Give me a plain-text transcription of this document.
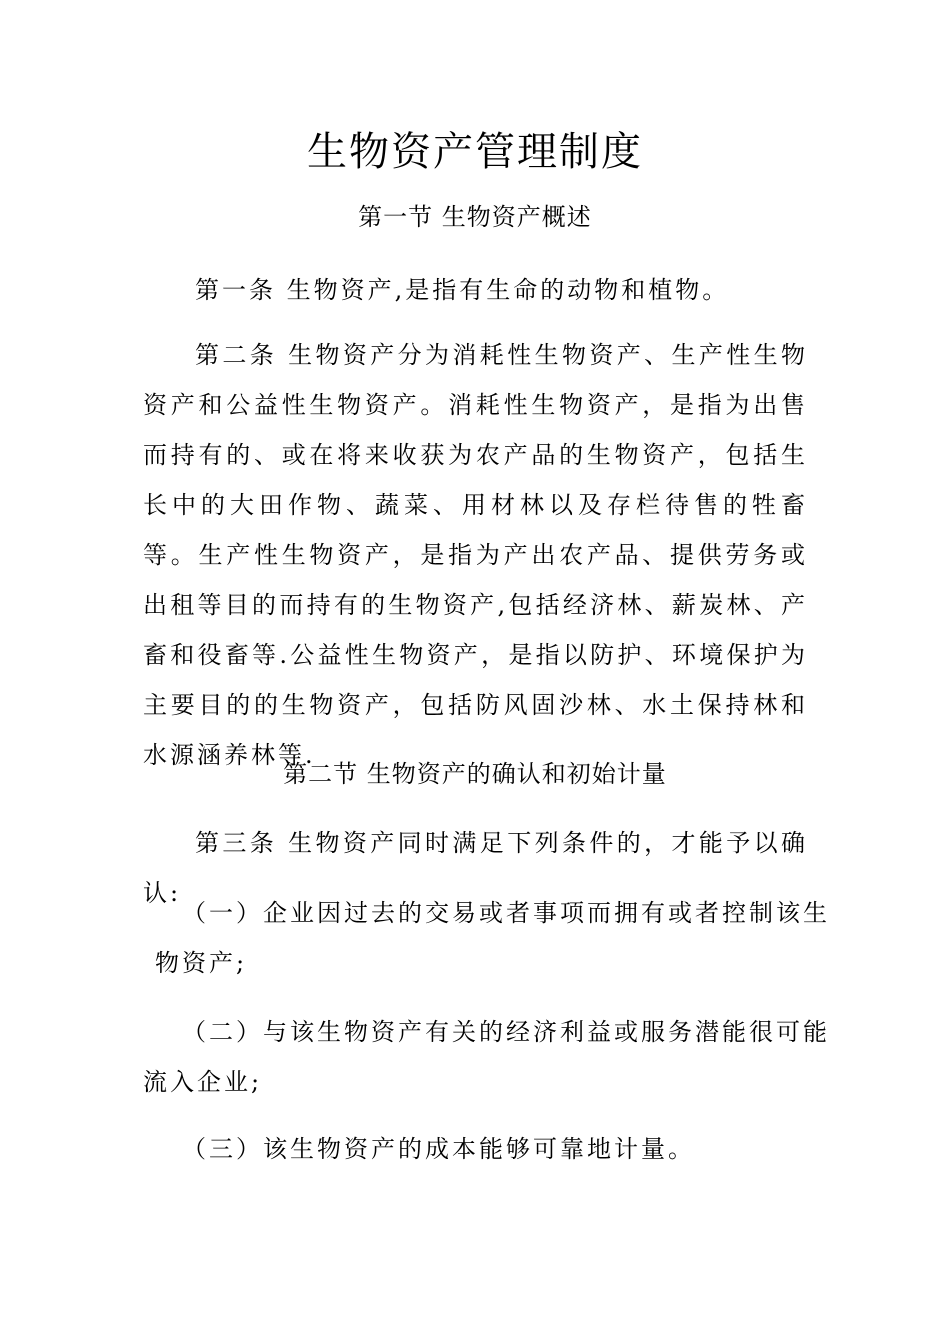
生物资产管理制度
第一节 生物资产概述
第一条 生物资产,是指有生命的动物和植物。
第二条 生物资产分为消耗性生物资产、生产性生物资产和公益性生物资产。消耗性生物资产，是指为出售而持有的、或在将来收获为农产品的生物资产，包括生长中的大田作物、蔬菜、用材林以及存栏待售的牲畜等。生产性生物资产，是指为产出农产品、提供劳务或出租等目的而持有的生物资产,包括经济林、薪炭林、产畜和役畜等.公益性生物资产，是指以防护、环境保护为主要目的的生物资产，包括防风固沙林、水土保持林和水源涵养林等.
第二节 生物资产的确认和初始计量
第三条 生物资产同时满足下列条件的，才能予以确认:
（一）企业因过去的交易或者事项而拥有或者控制该生
物资产;
（二）与该生物资产有关的经济利益或服务潜能很可能
流入企业;
（三）该生物资产的成本能够可靠地计量。
